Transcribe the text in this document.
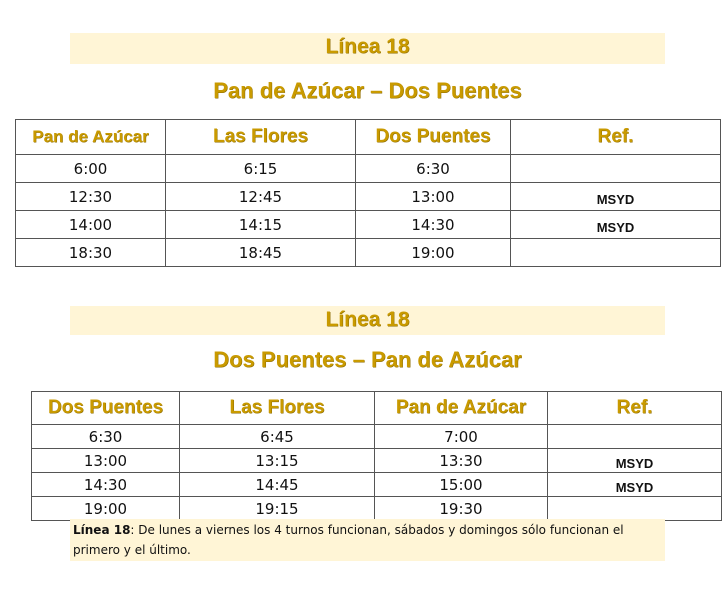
Línea 18
Pan de Azúcar – Dos Puentes
Pan de Azúcar	Las Flores	Dos Puentes	Ref.
6:00	6:15	6:30	
12:30	12:45	13:00	MSYD
14:00	14:15	14:30	MSYD
18:30	18:45	19:00	
Línea 18
Dos Puentes – Pan de Azúcar
Dos Puentes	Las Flores	Pan de Azúcar	Ref.
6:30	6:45	7:00	
13:00	13:15	13:30	MSYD
14:30	14:45	15:00	MSYD
19:00	19:15	19:30	
Línea 18: De lunes a viernes los 4 turnos funcionan, sábados y domingos sólo funcionan el primero y el último.
